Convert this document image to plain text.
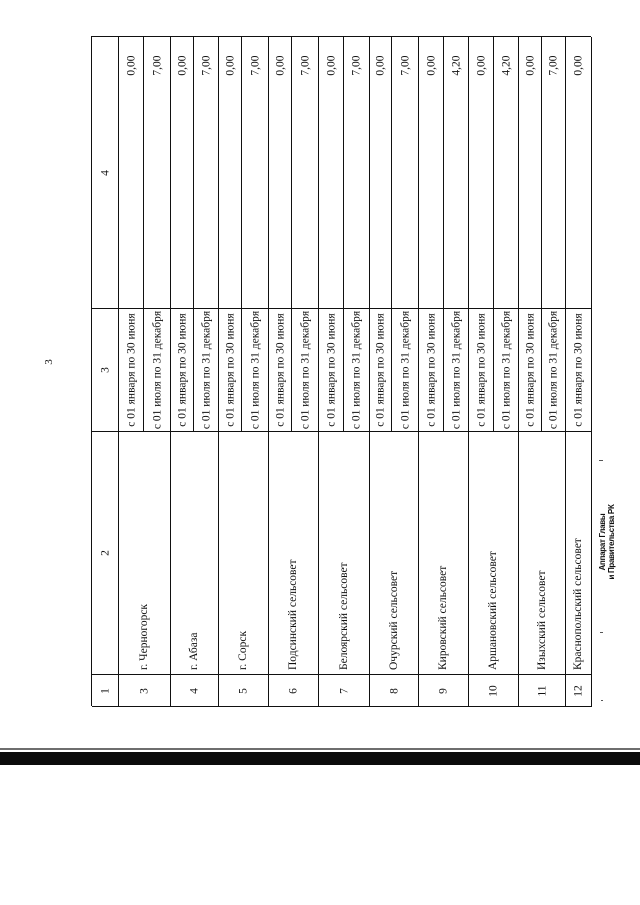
3
4
3
2
1 3
г. Черногорск
с 01 января по 30 июня
0,00
с 01 июля по 31 декабря
7,00
4
г. Абаза
с 01 января по 30 июня
0,00
с 01 июля по 31 декабря
7,00
5
г. Сорск
с 01 января по 30 июня
0,00
с 01 июля по 31 декабря
7,00
6
Подсинский сельсовет
с 01 января по 30 июня
0,00
с 01 июля по 31 декабря
7,00
7
Белоярский сельсовет
с 01 января по 30 июня
0,00
с 01 июля по 31 декабря
7,00
8
Очурский сельсовет
с 01 января по 30 июня
0,00
с 01 июля по 31 декабря
7,00
9
Кировский сельсовет
с 01 января по 30 июня
0,00
с 01 июля по 31 декабря
4,20
10
Аршановский сельсовет
с 01 января по 30 июня
0,00
с 01 июля по 31 декабря
4,20
11
Изыхский сельсовет
с 01 января по 30 июня
0,00
с 01 июля по 31 декабря
7,00
12
Краснопольский сельсовет
с 01 января по 30 июня
0,00
Аппарат Главы и Правительства РК
